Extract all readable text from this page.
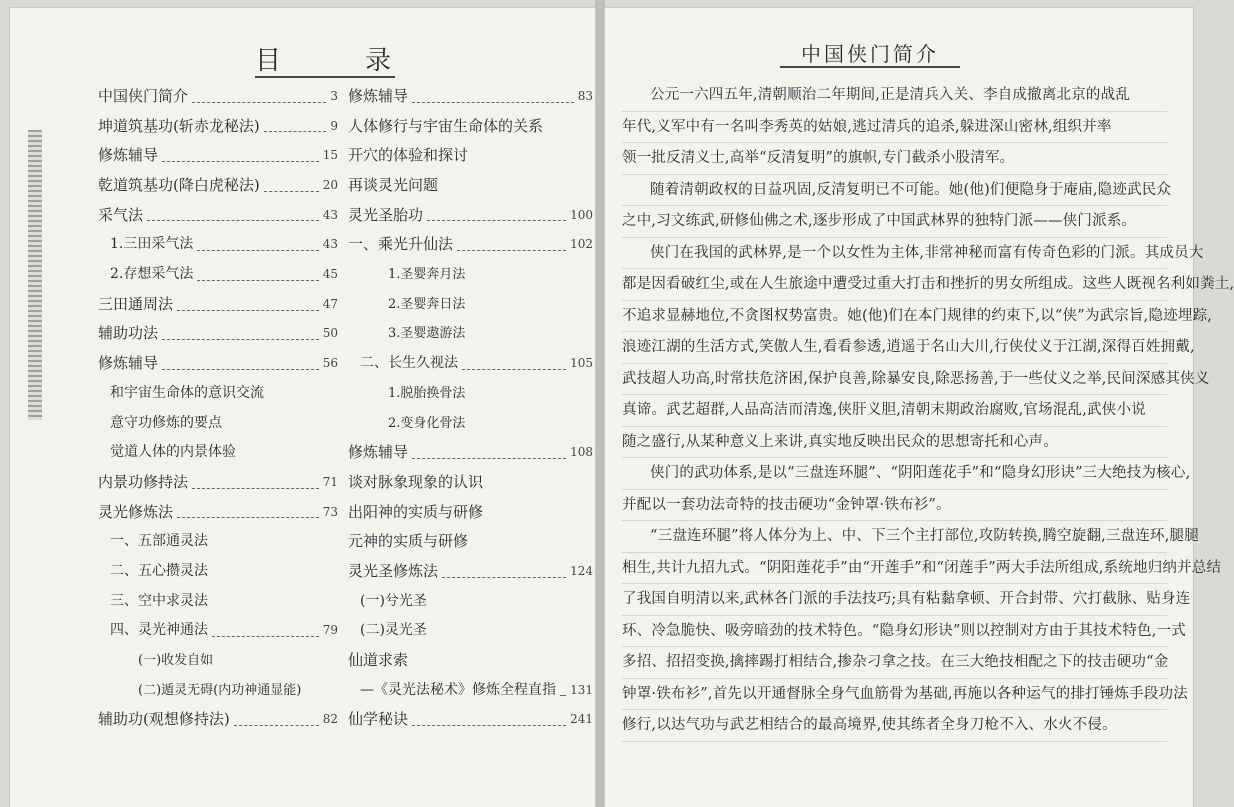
目	录
中国侠门简介	3
坤道筑基功(斩赤龙秘法)	9
修炼辅导	15
乾道筑基功(降白虎秘法)	20
采气法	43
1.三田采气法	43
2.存想采气法	45
三田通周法	47
辅助功法	50
修炼辅导	56
和宇宙生命体的意识交流
意守功修炼的要点
觉道人体的内景体验
内景功修持法	71
灵光修炼法	73
一、五部通灵法
二、五心攒灵法
三、空中求灵法
四、灵光神通法	79
(一)收发自如
(二)遁灵无碍(内功神通显能)
辅助功(观想修持法)	82
修炼辅导	83
人体修行与宇宙生命体的关系
开穴的体验和探讨
再谈灵光问题
灵光圣胎功	100
一、乘光升仙法	102
1.圣婴奔月法
2.圣婴奔日法
3.圣婴遨游法
二、长生久视法	105
1.脱胎换骨法
2.变身化骨法
修炼辅导	108
谈对脉象现象的认识
出阳神的实质与研修
元神的实质与研修
灵光圣修炼法	124
(一)兮光圣
(二)灵光圣
仙道求索
—《灵光法秘术》修炼全程直指 131
仙学秘诀	241
中国侠门简介
公元一六四五年,清朝顺治二年期间,正是清兵入关、李自成撤离北京的战乱
年代,义军中有一名叫李秀英的姑娘,逃过清兵的追杀,躲进深山密林,组织并率
领一批反清义士,高举“反清复明”的旗帜,专门截杀小股清军。
随着清朝政权的日益巩固,反清复明已不可能。她(他)们便隐身于庵庙,隐迹武民众
之中,习文练武,研修仙佛之术,逐步形成了中国武林界的独特门派——侠门派系。
侠门在我国的武林界,是一个以女性为主体,非常神秘而富有传奇色彩的门派。其成员大
都是因看破红尘,或在人生旅途中遭受过重大打击和挫折的男女所组成。这些人既视名利如粪土,
不追求显赫地位,不贪图权势富贵。她(他)们在本门规律的约束下,以“侠”为武宗旨,隐迹埋踪,
浪迹江湖的生活方式,笑傲人生,看看参透,逍遥于名山大川,行侠仗义于江湖,深得百姓拥戴,
武技超人功高,时常扶危济困,保护良善,除暴安良,除恶扬善,于一些仗义之举,民间深感其侠义
真谛。武艺超群,人品高洁而清逸,侠肝义胆,清朝末期政治腐败,官场混乱,武侠小说
随之盛行,从某种意义上来讲,真实地反映出民众的思想寄托和心声。
侠门的武功体系,是以“三盘连环腿”、“阴阳莲花手”和“隐身幻形诀”三大绝技为核心,
并配以一套功法奇特的技击硬功“金钟罩·铁布衫”。
“三盘连环腿”将人体分为上、中、下三个主打部位,攻防转换,腾空旋翻,三盘连环,腿腿
相生,共计九招九式。“阴阳莲花手”由“开莲手”和“闭莲手”两大手法所组成,系统地归纳并总结
了我国自明清以来,武林各门派的手法技巧;具有粘黏拿顿、开合封带、穴打截脉、贴身连
环、冷急脆快、吸旁暗劲的技术特色。“隐身幻形诀”则以控制对方由于其技术特色,一式
多招、招招变换,擒摔踢打相结合,掺杂刁拿之技。在三大绝技相配之下的技击硬功“金
钟罩·铁布衫”,首先以开通督脉全身气血筋骨为基础,再施以各种运气的排打锤炼手段功法
修行,以达气功与武艺相结合的最高境界,使其练者全身刀枪不入、水火不侵。
